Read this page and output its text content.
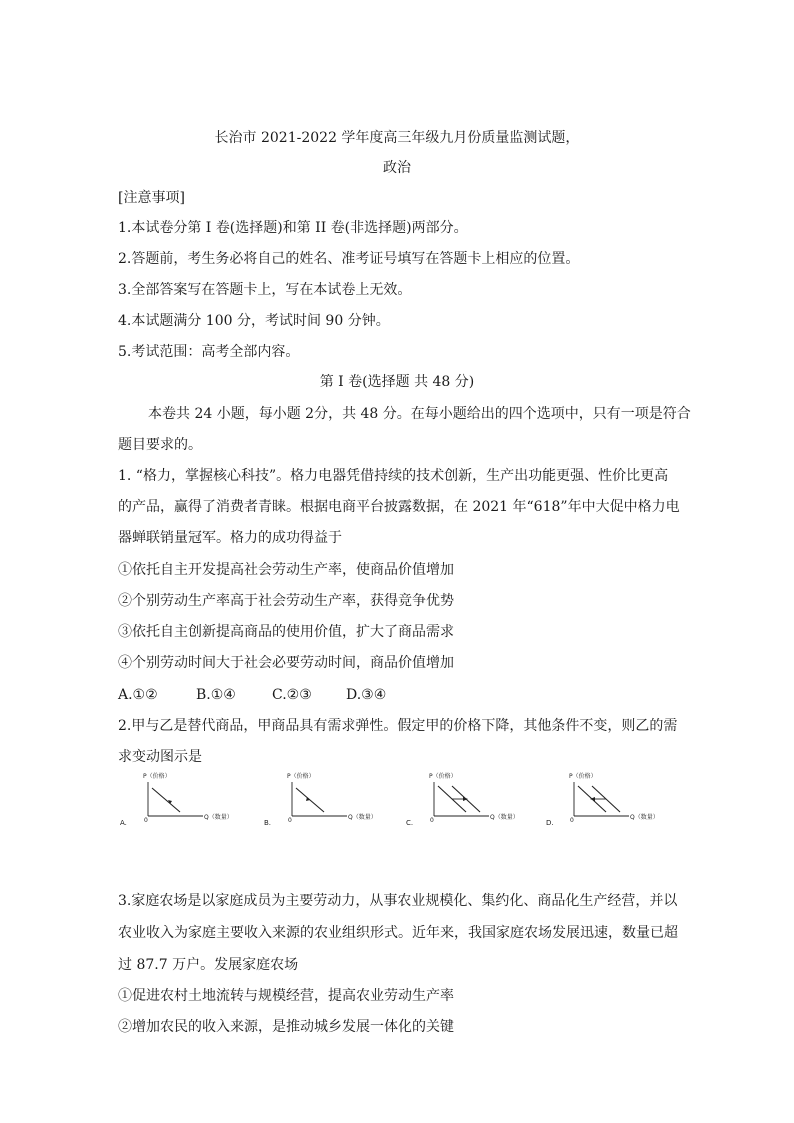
长治市 2021-2022 学年度高三年级九月份质量监测试题，
政治
[注意事项]
1.本试卷分第 I 卷(选择题)和第 II 卷(非选择题)两部分。
2.答题前，考生务必将自己的姓名、准考证号填写在答题卡上相应的位置。
3.全部答案写在答题卡上，写在本试卷上无效。
4.本试题满分 100 分，考试时间 90 分钟。
5.考试范围：高考全部内容。
第 I 卷(选择题 共 48 分)
本卷共 24 小题，每小题 2分，共 48 分。在每小题给出的四个选项中，只有一项是符合
题目要求的。
1. “格力，掌握核心科技”。格力电器凭借持续的技术创新，生产出功能更强、性价比更高
的产品，赢得了消费者青睐。根据电商平台披露数据，在 2021 年“618”年中大促中格力电
器蝉联销量冠军。格力的成功得益于
①依托自主开发提高社会劳动生产率，使商品价值增加
②个别劳动生产率高于社会劳动生产率，获得竞争优势
③依托自主创新提高商品的使用价值，扩大了商品需求
④个别劳动时间大于社会必要劳动时间，商品价值增加
A.①②	B.①④	C.②③ D.③④
2.甲与乙是替代商品，甲商品具有需求弹性。假定甲的价格下降，其他条件不变，则乙的需
求变动图示是
P（价格）
0	Q（数量）
A.
P（价格）
0	Q（数量）
B.
P（价格）
0	Q（数量）
C.
P（价格）
0	Q（数量）
D.
3.家庭农场是以家庭成员为主要劳动力，从事农业规模化、集约化、商品化生产经营，并以
农业收入为家庭主要收入来源的农业组织形式。近年来，我国家庭农场发展迅速，数量已超
过 87.7 万户。发展家庭农场
①促进农村土地流转与规模经营，提高农业劳动生产率
②增加农民的收入来源，是推动城乡发展一体化的关键
